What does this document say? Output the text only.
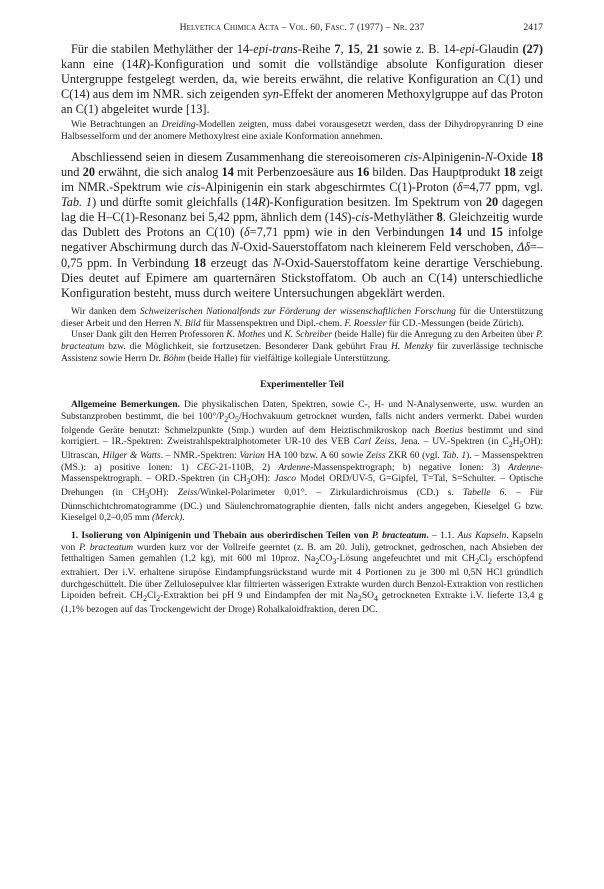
Helvetica Chimica Acta – Vol. 60, Fasc. 7 (1977) – Nr. 237	2417

Für die stabilen Methyläther der 14-epi-trans-Reihe 7, 15, 21 sowie z. B. 14-epi-Glaudin (27) kann eine (14R)-Konfiguration und somit die vollständige absolute Konfiguration dieser Untergruppe festgelegt werden, da, wie bereits erwähnt, die relative Konfiguration an C(1) und C(14) aus dem im NMR. sich zeigenden syn-Effekt der anomeren Methoxylgruppe auf das Proton an C(1) abgeleitet wurde [13].

Wie Betrachtungen an Dreiding-Modellen zeigten, muss dabei vorausgesetzt werden, dass der Dihydropyranring D eine Halbsesselform und der anomere Methoxylrest eine axiale Konformation annehmen.

Abschliessend seien in diesem Zusammenhang die stereoisomeren cis-Alpinigenin-N-Oxide 18 und 20 erwähnt, die sich analog 14 mit Perbenzoesäure aus 16 bilden. Das Hauptprodukt 18 zeigt im NMR.-Spektrum wie cis-Alpinigenin ein stark abgeschirmtes C(1)-Proton (δ=4,77 ppm, vgl. Tab. 1) und dürfte somit gleichfalls (14R)-Konfiguration besitzen. Im Spektrum von 20 dagegen lag die H–C(1)-Resonanz bei 5,42 ppm, ähnlich dem (14S)-cis-Methyläther 8. Gleichzeitig wurde das Dublett des Protons an C(10) (δ=7,71 ppm) wie in den Verbindungen 14 und 15 infolge negativer Abschirmung durch das N-Oxid-Sauerstoffatom nach kleinerem Feld verschoben, Δδ=–0,75 ppm. In Verbindung 18 erzeugt das N-Oxid-Sauerstoffatom keine derartige Verschiebung. Dies deutet auf Epimere am quarternären Stickstoffatom. Ob auch an C(14) unterschiedliche Konfiguration besteht, muss durch weitere Untersuchungen abgeklärt werden.

Wir danken dem Schweizerischen Nationalfonds zur Förderung der wissenschaftlichen Forschung für die Unterstützung dieser Arbeit und den Herren N. Bild für Massenspektren und Dipl.-chem. F. Roessler für CD.-Messungen (beide Zürich).

Unser Dank gilt den Herren Professoren K. Mothes und K. Schreiber (beide Halle) für die Anregung zu den Arbeiten über P. bracteatum bzw. die Möglichkeit, sie fortzusetzen. Besonderer Dank gebührt Frau H. Menzky für zuverlässige technische Assistenz sowie Herrn Dr. Böhm (beide Halle) für vielfältige kollegiale Unterstützung.

Experimenteller Teil

Allgemeine Bemerkungen. Die physikalischen Daten, Spektren, sowie C-, H- und N-Analysenwerte, usw. wurden an Substanzproben bestimmt, die bei $100^\circ/P_2O_5$/Hochvakuum getrocknet wurden, falls nicht anders vermerkt. Dabei wurden folgende Geräte benutzt: Schmelzpunkte (Smp.) wurden auf dem Heiztischmikroskop nach Boetius bestimmt und sind korrigiert. – IR.-Spektren: Zweistrahlspektralphotometer UR-10 des VEB Carl Zeiss, Jena. – UV.-Spektren (in $C_2H_5OH$): Ultrascan, Hilger & Watts. – NMR.-Spektren: Varian HA 100 bzw. A 60 sowie Zeiss ZKR 60 (vgl. Tab. 1). – Massenspektren (MS.): a) positive Ionen: 1) CEC-21-110B, 2) Ardenne-Massenspektrograph; b) negative Ionen: 3) Ardenne-Massenspektrograph. – ORD.-Spektren (in $CH_3OH$): Jasco Model ORD/UV-5, G=Gipfel, T=Tal, S=Schulter. – Optische Drehungen (in $CH_3OH$): Zeiss/Winkel-Polarimeter 0,01°. – Zirkulardichroismus (CD.) s. Tabelle 6. – Für Dünnschichtchromatogramme (DC.) und Säulenchromatographie dienten, falls nicht anders angegeben, Kieselgel G bzw. Kieselgel 0,2–0,05 mm (Merck).

1. Isolierung von Alpinigenin und Thebain aus oberirdischen Teilen von P. bracteatum. – 1.1. Aus Kapseln. Kapseln von P. bracteatum wurden kurz vor der Vollreife geerntet (z. B. am 20. Juli), getrocknet, gedroschen, nach Absieben der fetthaltigen Samen gemahlen (1,2 kg), mit 600 ml 10proz. $Na_2CO_3$-Lösung angefeuchtet und mit $CH_2Cl_2$ erschöpfend extrahiert. Der i.V. erhaltene sirupöse Eindampfungsrückstand wurde mit 4 Portionen zu je 300 ml 0,5N HCl gründlich durchgeschüttelt. Die über Zellulosepulver klar filtrierten wässerigen Extrakte wurden durch Benzol-Extraktion von restlichen Lipoiden befreit. $CH_2Cl_2$-Extraktion bei pH 9 und Eindampfen der mit $Na_2SO_4$ getrockneten Extrakte i.V. lieferte 13,4 g (1,1% bezogen auf das Trockengewicht der Droge) Rohalkaloidfraktion, deren DC.
